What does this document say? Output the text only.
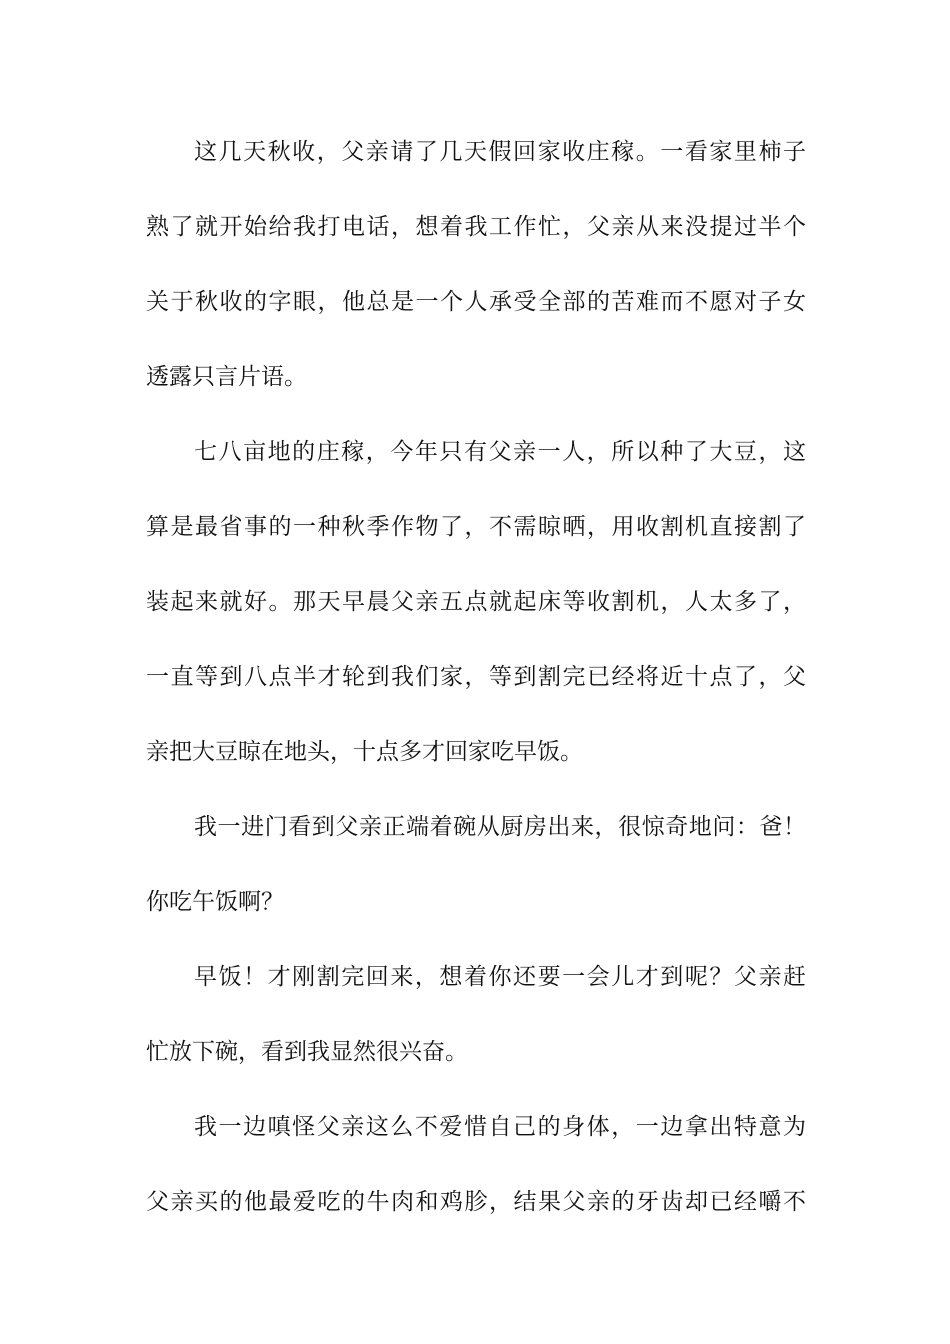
这几天秋收，父亲请了几天假回家收庄稼。一看家里柿子
熟了就开始给我打电话，想着我工作忙，父亲从来没提过半个
关于秋收的字眼，他总是一个人承受全部的苦难而不愿对子女
透露只言片语。
七八亩地的庄稼，今年只有父亲一人，所以种了大豆，这
算是最省事的一种秋季作物了，不需晾晒，用收割机直接割了
装起来就好。那天早晨父亲五点就起床等收割机，人太多了，
一直等到八点半才轮到我们家，等到割完已经将近十点了，父
亲把大豆晾在地头，十点多才回家吃早饭。
我一进门看到父亲正端着碗从厨房出来，很惊奇地问：爸！
你吃午饭啊？
早饭！才刚割完回来，想着你还要一会儿才到呢？父亲赶
忙放下碗，看到我显然很兴奋。
我一边嗔怪父亲这么不爱惜自己的身体，一边拿出特意为
父亲买的他最爱吃的牛肉和鸡胗，结果父亲的牙齿却已经嚼不
